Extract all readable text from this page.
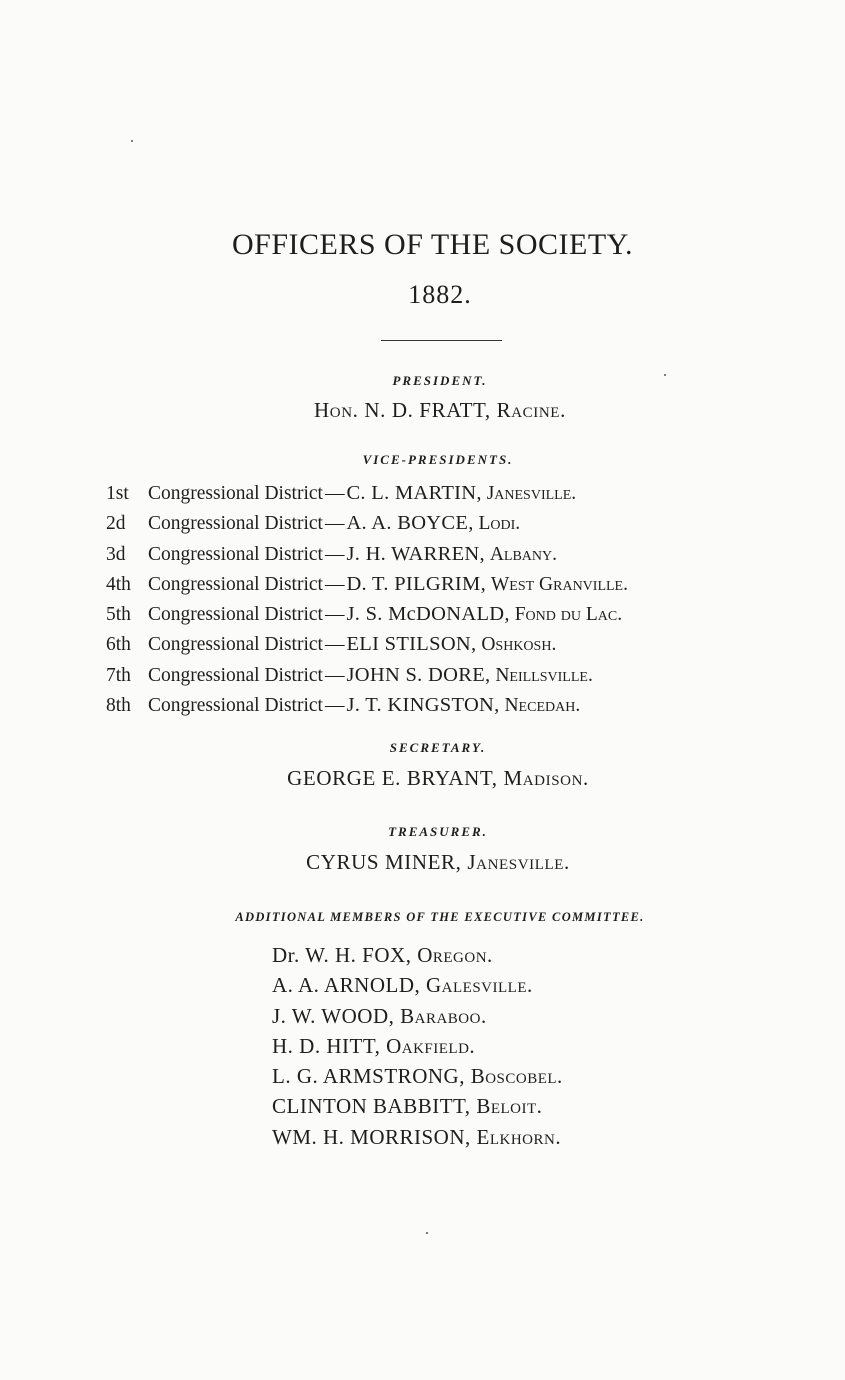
OFFICERS OF THE SOCIETY.
1882.
PRESIDENT.
Hon. N. D. FRATT, Racine.
VICE-PRESIDENTS.
1st Congressional District —C. L. MARTIN, Janesville.
2d Congressional District —A. A. BOYCE, Lodi.
3d Congressional District —J. H. WARREN, Albany.
4th Congressional District —D. T. PILGRIM, West Granville.
5th Congressional District —J. S. McDONALD, Fond du Lac.
6th Congressional District —ELI STILSON, Oshkosh.
7th Congressional District —JOHN S. DORE, Neillsville.
8th Congressional District —J. T. KINGSTON, Necedah.
SECRETARY.
GEORGE E. BRYANT, Madison.
TREASURER.
CYRUS MINER, Janesville.
ADDITIONAL MEMBERS OF THE EXECUTIVE COMMITTEE.
Dr. W. H. FOX, Oregon.
A. A. ARNOLD, Galesville.
J. W. WOOD, Baraboo.
H. D. HITT, Oakfield.
L. G. ARMSTRONG, Boscobel.
CLINTON BABBITT, Beloit.
WM. H. MORRISON, Elkhorn.
